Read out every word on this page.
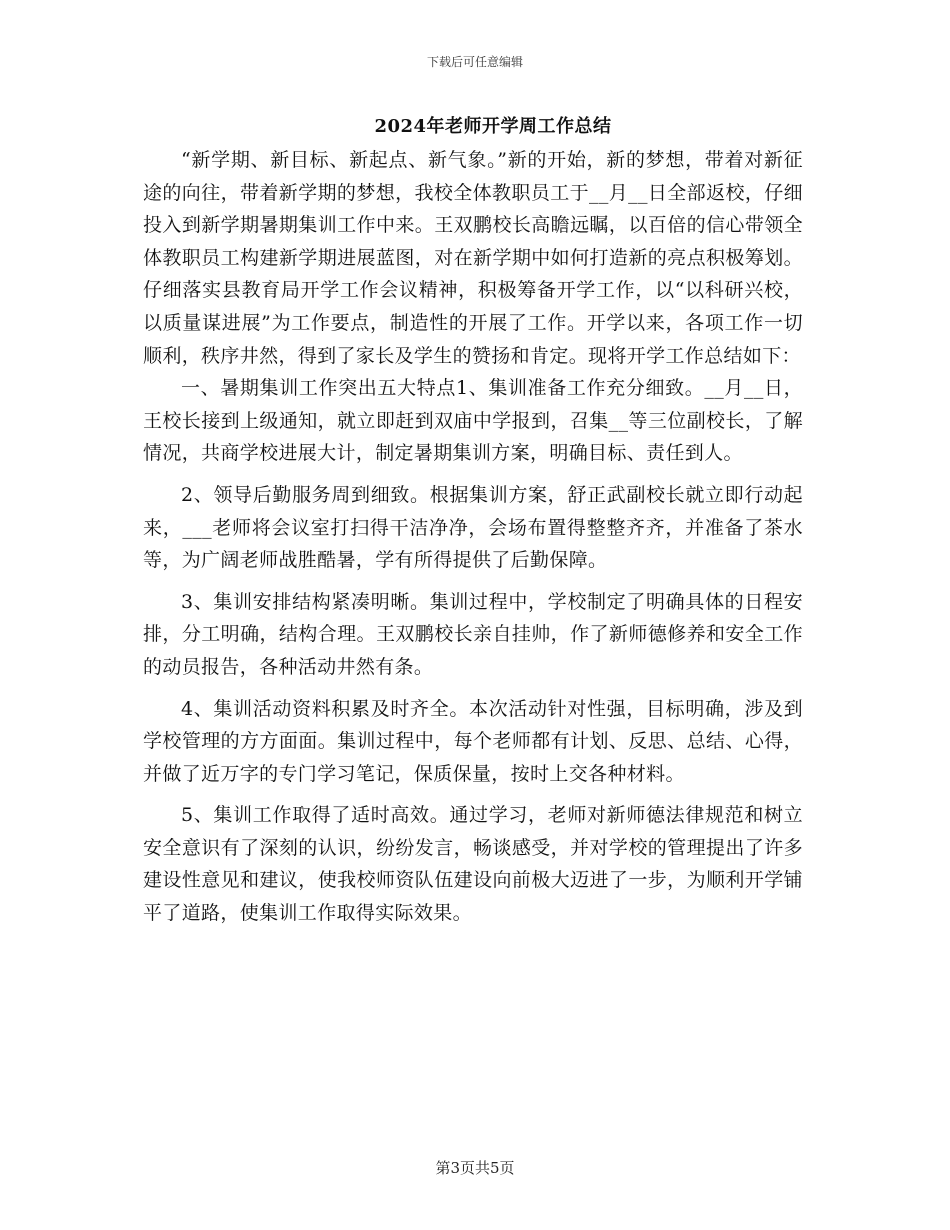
下载后可任意编辑
2024年老师开学周工作总结

“新学期、新目标、新起点、新气象。”新的开始，新的梦想，带着对新征途的向往，带着新学期的梦想，我校全体教职员工于__月__日全部返校，仔细投入到新学期暑期集训工作中来。王双鹏校长高瞻远瞩，以百倍的信心带领全体教职员工构建新学期进展蓝图，对在新学期中如何打造新的亮点积极筹划。仔细落实县教育局开学工作会议精神，积极筹备开学工作，以“以科研兴校，以质量谋进展”为工作要点，制造性的开展了工作。开学以来，各项工作一切顺利，秩序井然，得到了家长及学生的赞扬和肯定。现将开学工作总结如下：

一、暑期集训工作突出五大特点1、集训准备工作充分细致。__月__日，王校长接到上级通知，就立即赶到双庙中学报到，召集__等三位副校长，了解情况，共商学校进展大计，制定暑期集训方案，明确目标、责任到人。

2、领导后勤服务周到细致。根据集训方案，舒正武副校长就立即行动起来，___老师将会议室打扫得干洁净净，会场布置得整整齐齐，并准备了茶水等，为广阔老师战胜酷暑，学有所得提供了后勤保障。

3、集训安排结构紧凑明晰。集训过程中，学校制定了明确具体的日程安排，分工明确，结构合理。王双鹏校长亲自挂帅，作了新师德修养和安全工作的动员报告，各种活动井然有条。

4、集训活动资料积累及时齐全。本次活动针对性强，目标明确，涉及到学校管理的方方面面。集训过程中，每个老师都有计划、反思、总结、心得，并做了近万字的专门学习笔记，保质保量，按时上交各种材料。

5、集训工作取得了适时高效。通过学习，老师对新师德法律规范和树立安全意识有了深刻的认识，纷纷发言，畅谈感受，并对学校的管理提出了许多建设性意见和建议，使我校师资队伍建设向前极大迈进了一步，为顺利开学铺平了道路，使集训工作取得实际效果。

第3页共5页
